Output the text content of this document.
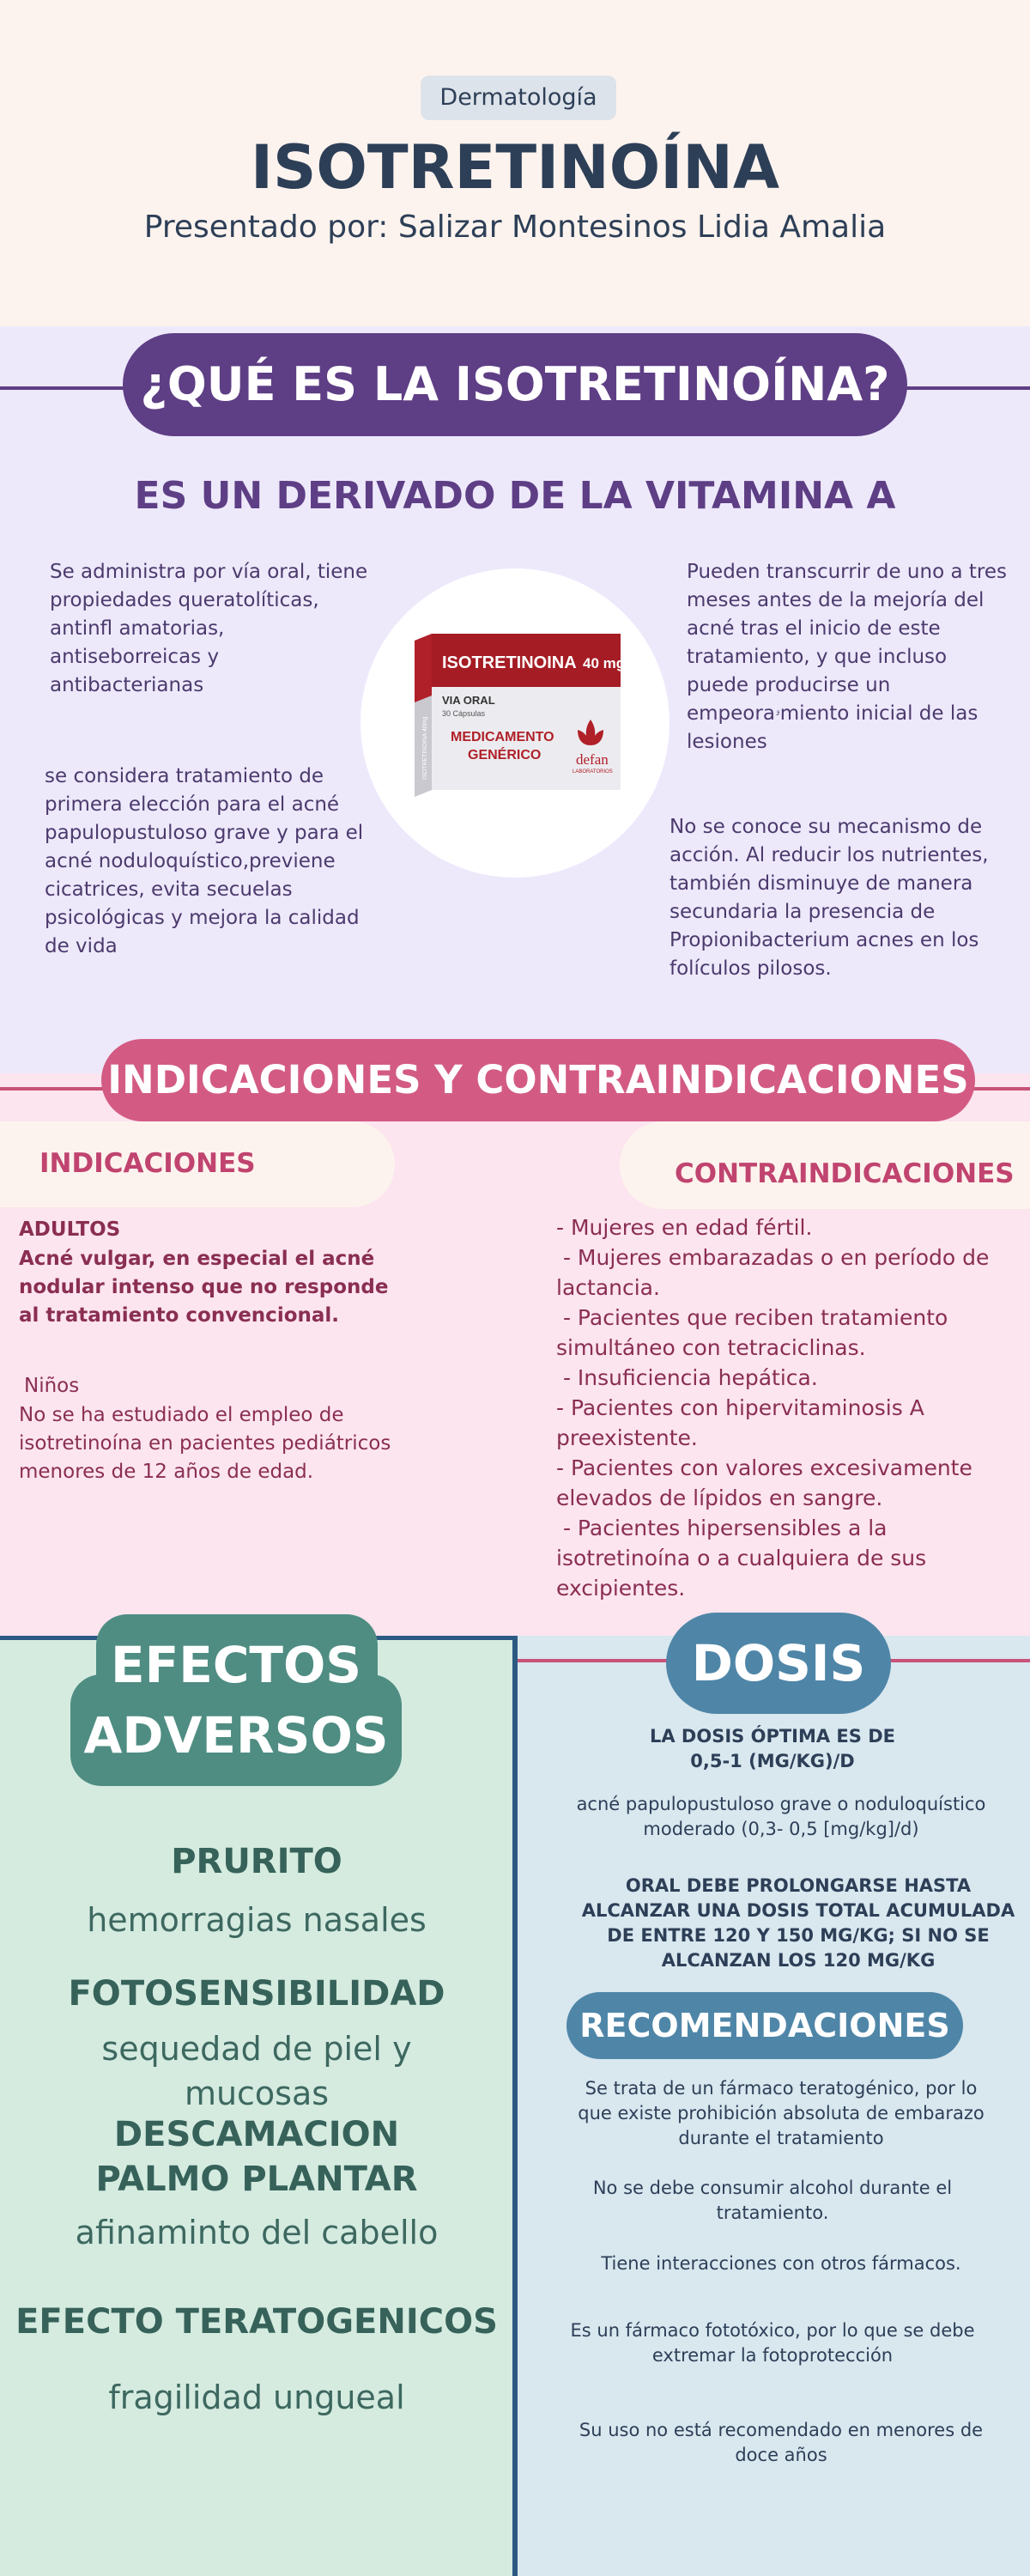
Dermatología
ISOTRETINOÍNA
Presentado por: Salizar Montesinos Lidia Amalia
¿QUÉ ES LA ISOTRETINOÍNA?
ES UN DERIVADO DE LA VITAMINA A
Se administra por vía oral, tiene propiedades queratolíticas, antinfl amatorias, antiseborreicas y antibacterianas
se considera tratamiento de primera elección para el acné papulopustuloso grave y para el acné noduloquístico,previene cicatrices, evita secuelas psicológicas y mejora la calidad de vida
Pueden transcurrir de uno a tres meses antes de la mejoría del acné tras el inicio de este tratamiento, y que incluso puede producirse un empeoraۥmiento inicial de las lesiones
No se conoce su mecanismo de acción. Al reducir los nutrientes, también disminuye de manera secundaria la presencia de Propionibacterium acnes en los folículos pilosos.
ISOTRETINOINA 40 mg
VIA ORAL
30 Cápsulas
MEDICAMENTO
GENÉRICO defan
LABORATORIOS
ISOTRETINOINA 40mg
INDICACIONES Y CONTRAINDICACIONES
INDICACIONES	CONTRAINDICACIONES
ADULTOS
Acné vulgar, en especial el acné nodular intenso que no responde al tratamiento convencional.
Niños
No se ha estudiado el empleo de isotretinoína en pacientes pediátricos menores de 12 años de edad.
- Mujeres en edad fértil.
- Mujeres embarazadas o en período de lactancia.
- Pacientes que reciben tratamiento simultáneo con tetraciclinas.
- Insuficiencia hepática.
- Pacientes con hipervitaminosis A preexistente.
- Pacientes con valores excesivamente elevados de lípidos en sangre.
- Pacientes hipersensibles a la isotretinoína o a cualquiera de sus excipientes.
EFECTOS ADVERSOS
PRURITO
hemorragias nasales
FOTOSENSIBILIDAD
sequedad de piel y mucosas
DESCAMACION PALMO PLANTAR
afinaminto del cabello
EFECTO TERATOGENICOS
fragilidad ungueal
DOSIS
LA DOSIS ÓPTIMA ES DE 0,5-1 (MG/KG)/D
acné papulopustuloso grave o noduloquístico moderado (0,3- 0,5 [mg/kg]/d)
ORAL DEBE PROLONGARSE HASTA ALCANZAR UNA DOSIS TOTAL ACUMULADA DE ENTRE 120 Y 150 MG/KG; SI NO SE ALCANZAN LOS 120 MG/KG
RECOMENDACIONES
Se trata de un fármaco teratogénico, por lo que existe prohibición absoluta de embarazo durante el tratamiento
No se debe consumir alcohol durante el tratamiento.
Tiene interacciones con otros fármacos.
Es un fármaco fototóxico, por lo que se debe extremar la fotoprotección
Su uso no está recomendado en menores de doce años
